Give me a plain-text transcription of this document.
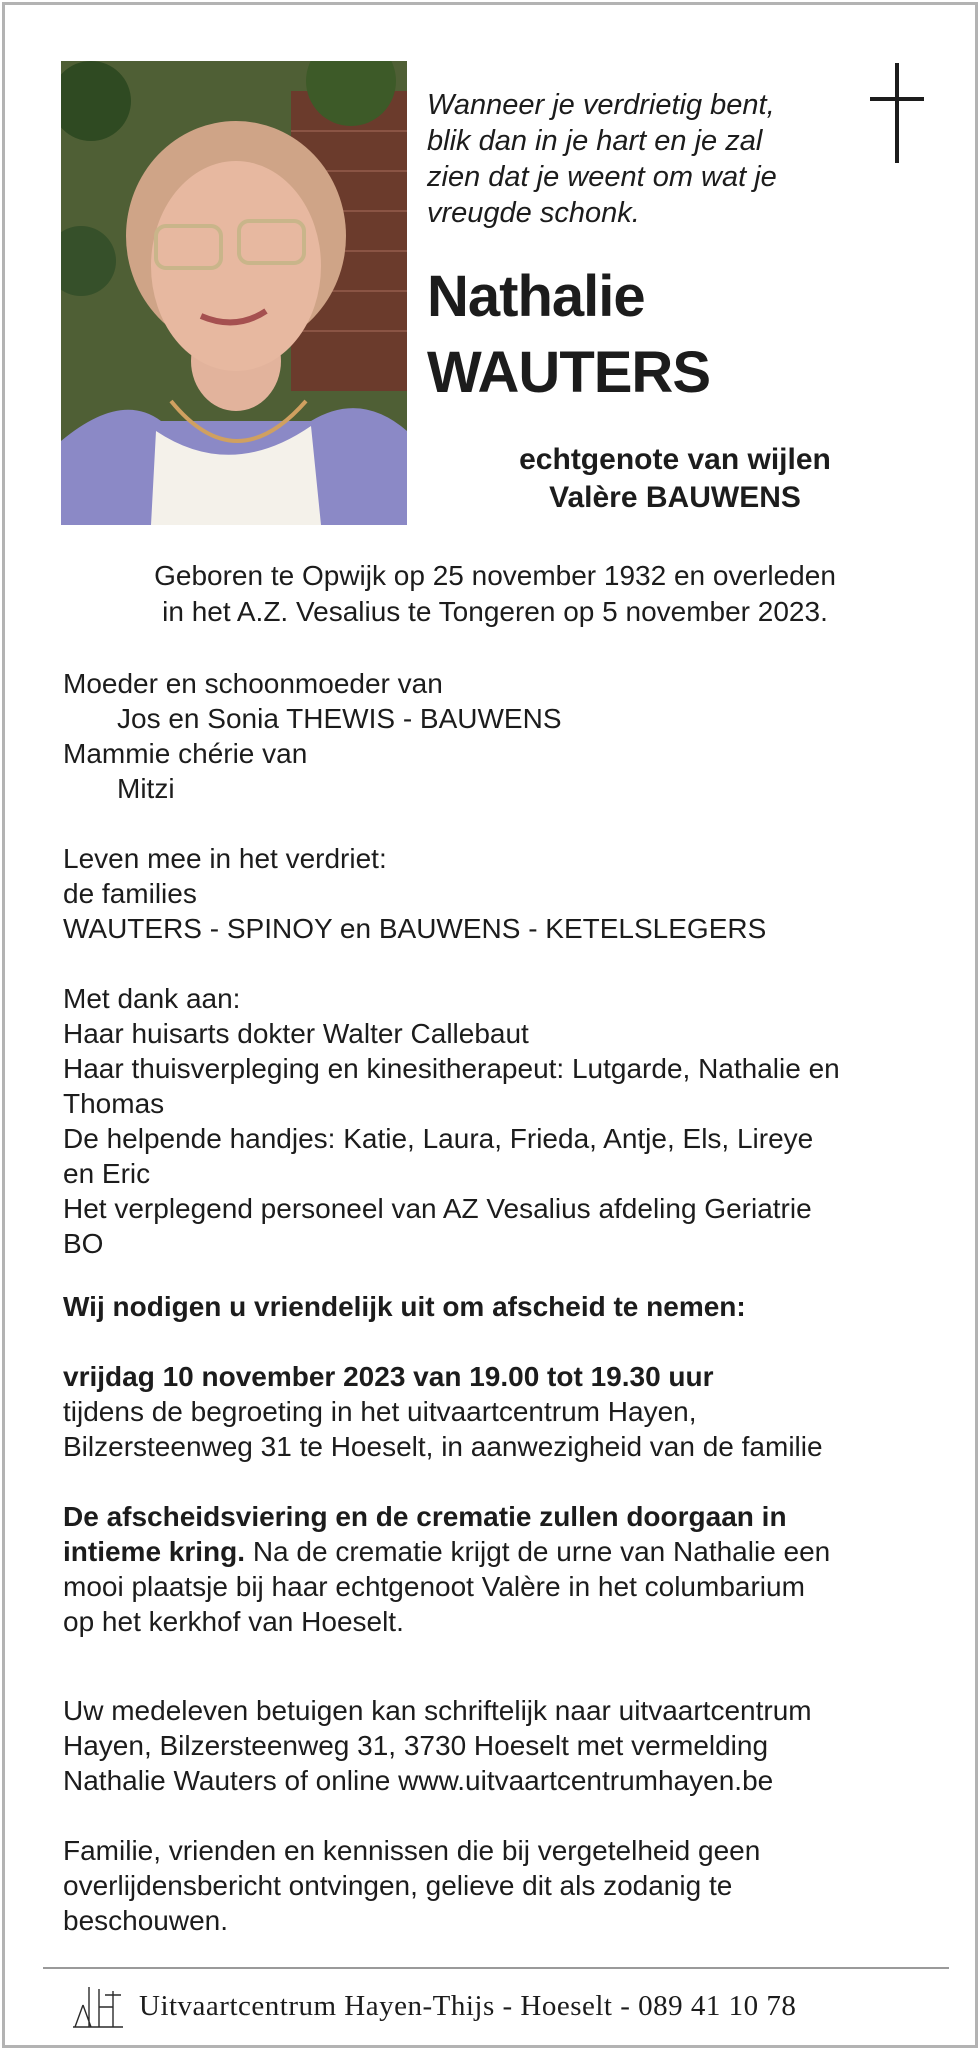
Wanneer je verdrietig bent,
blik dan in je hart en je zal
zien dat je weent om wat je
vreugde schonk.
Nathalie
WAUTERS
echtgenote van wijlen
Valère BAUWENS
Geboren te Opwijk op 25 november 1932 en overleden
in het A.Z. Vesalius te Tongeren op 5 november 2023.
Moeder en schoonmoeder van
Jos en Sonia THEWIS - BAUWENS
Mammie chérie van
Mitzi
Leven mee in het verdriet:
de families
WAUTERS - SPINOY en BAUWENS - KETELSLEGERS
Met dank aan:
Haar huisarts dokter Walter Callebaut
Haar thuisverpleging en kinesitherapeut: Lutgarde, Nathalie en
Thomas
De helpende handjes: Katie, Laura, Frieda, Antje, Els, Lireye
en Eric
Het verplegend personeel van AZ Vesalius afdeling Geriatrie
BO
Wij nodigen u vriendelijk uit om afscheid te nemen:
vrijdag 10 november 2023 van 19.00 tot 19.30 uur
tijdens de begroeting in het uitvaartcentrum Hayen,
Bilzersteenweg 31 te Hoeselt, in aanwezigheid van de familie
De afscheidsviering en de crematie zullen doorgaan in
intieme kring. Na de crematie krijgt de urne van Nathalie een
mooi plaatsje bij haar echtgenoot Valère in het columbarium
op het kerkhof van Hoeselt.
Uw medeleven betuigen kan schriftelijk naar uitvaartcentrum
Hayen, Bilzersteenweg 31, 3730 Hoeselt met vermelding
Nathalie Wauters of online www.uitvaartcentrumhayen.be
Familie, vrienden en kennissen die bij vergetelheid geen
overlijdensbericht ontvingen, gelieve dit als zodanig te
beschouwen.
Uitvaartcentrum Hayen-Thijs - Hoeselt - 089 41 10 78
